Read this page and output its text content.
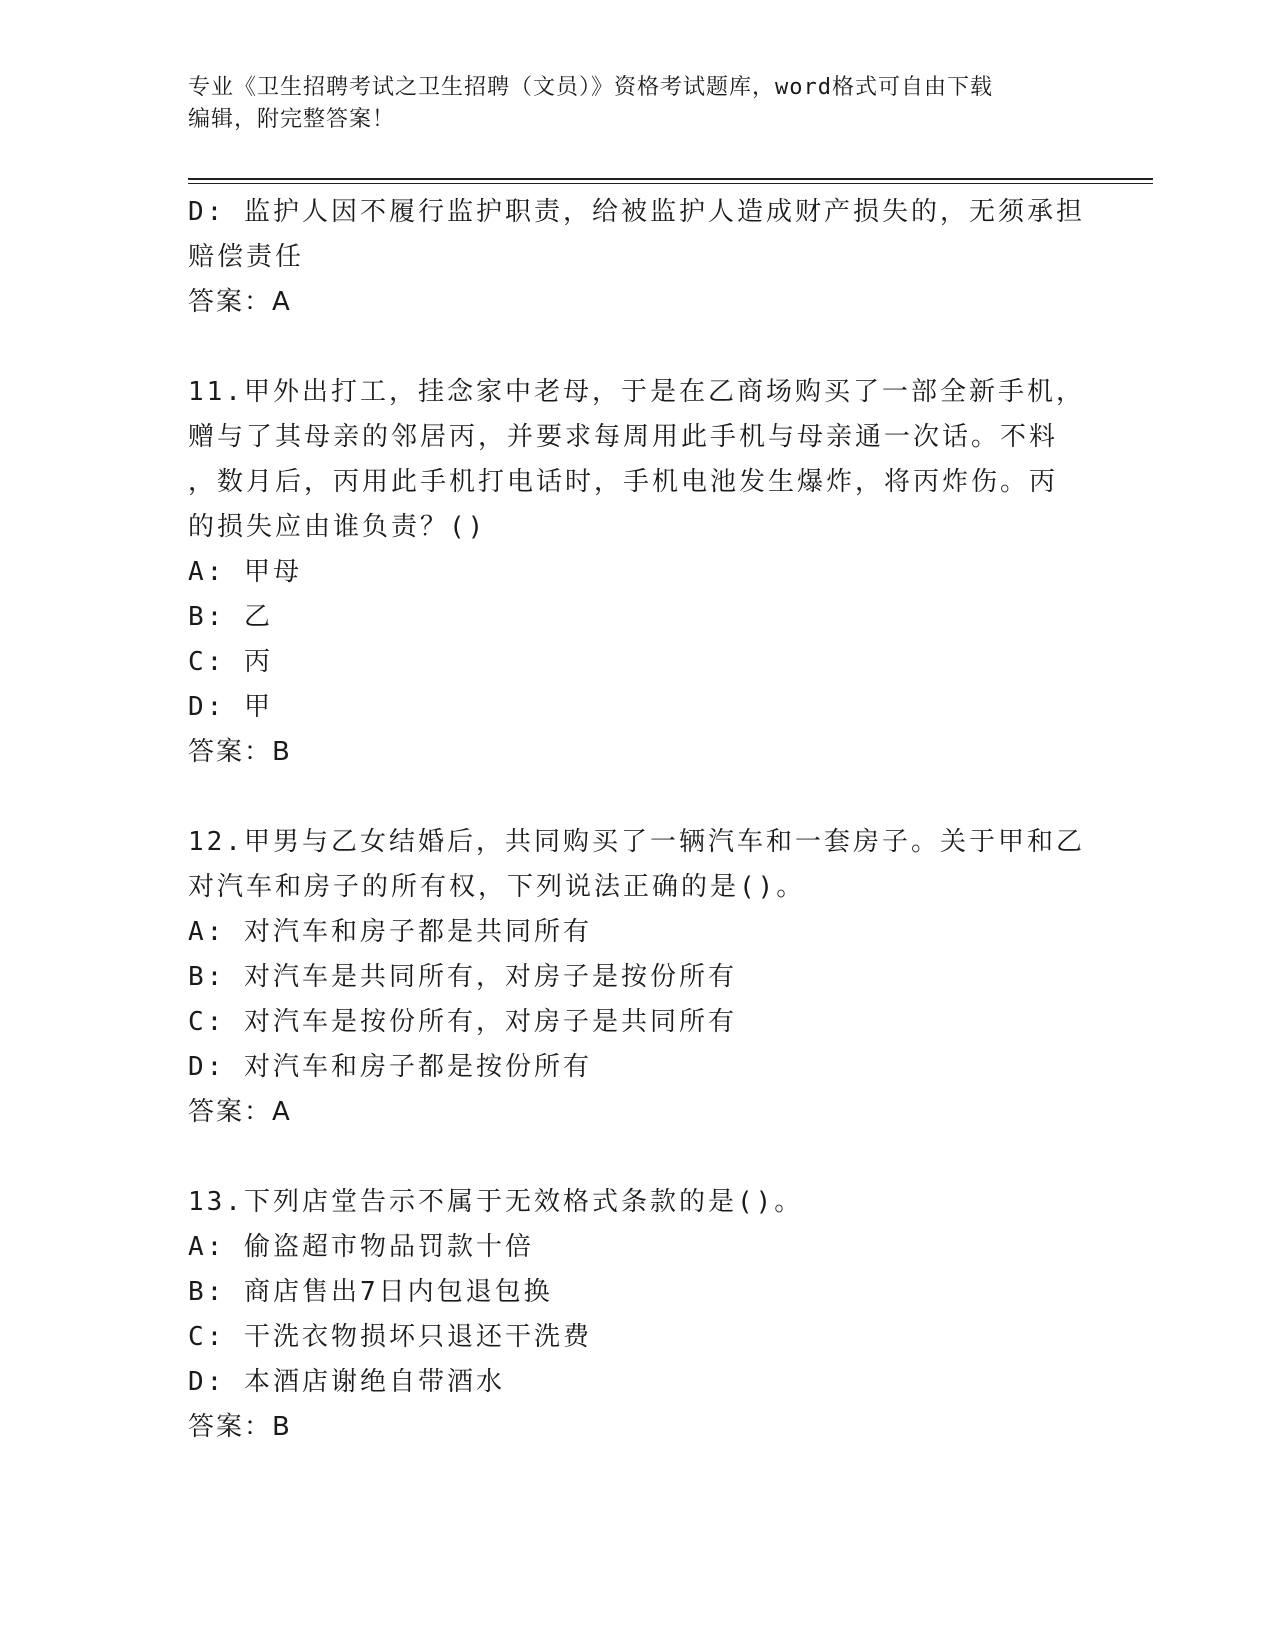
专业《卫生招聘考试之卫生招聘（文员）》资格考试题库，word格式可自由下载
编辑，附完整答案！
D: 监护人因不履行监护职责，给被监护人造成财产损失的，无须承担
赔偿责任
答案：A
11.甲外出打工，挂念家中老母，于是在乙商场购买了一部全新手机，
赠与了其母亲的邻居丙，并要求每周用此手机与母亲通一次话。不料
，数月后，丙用此手机打电话时，手机电池发生爆炸，将丙炸伤。丙
的损失应由谁负责？()
A: 甲母
B: 乙
C: 丙
D: 甲
答案：B
12.甲男与乙女结婚后，共同购买了一辆汽车和一套房子。关于甲和乙
对汽车和房子的所有权，下列说法正确的是()。
A: 对汽车和房子都是共同所有
B: 对汽车是共同所有，对房子是按份所有
C: 对汽车是按份所有，对房子是共同所有
D: 对汽车和房子都是按份所有
答案：A
13.下列店堂告示不属于无效格式条款的是()。
A: 偷盗超市物品罚款十倍
B: 商店售出7日内包退包换
C: 干洗衣物损坏只退还干洗费
D: 本酒店谢绝自带酒水
答案：B
